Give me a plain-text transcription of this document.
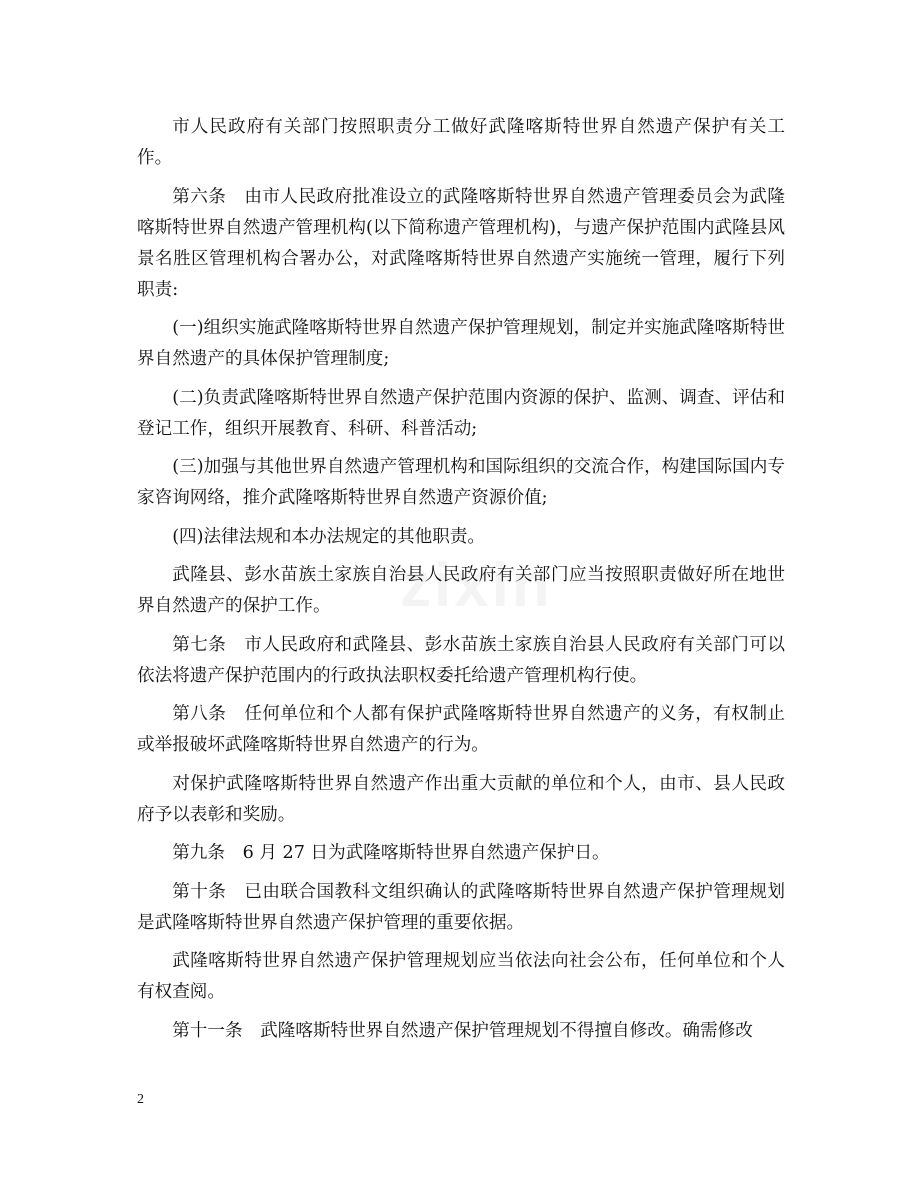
市人民政府有关部门按照职责分工做好武隆喀斯特世界自然遗产保护有关工作。

第六条 由市人民政府批准设立的武隆喀斯特世界自然遗产管理委员会为武隆喀斯特世界自然遗产管理机构(以下简称遗产管理机构)，与遗产保护范围内武隆县风景名胜区管理机构合署办公，对武隆喀斯特世界自然遗产实施统一管理，履行下列职责:

(一)组织实施武隆喀斯特世界自然遗产保护管理规划，制定并实施武隆喀斯特世界自然遗产的具体保护管理制度;

(二)负责武隆喀斯特世界自然遗产保护范围内资源的保护、监测、调查、评估和登记工作，组织开展教育、科研、科普活动;

(三)加强与其他世界自然遗产管理机构和国际组织的交流合作，构建国际国内专家咨询网络，推介武隆喀斯特世界自然遗产资源价值;

(四)法律法规和本办法规定的其他职责。

武隆县、彭水苗族土家族自治县人民政府有关部门应当按照职责做好所在地世界自然遗产的保护工作。

第七条 市人民政府和武隆县、彭水苗族土家族自治县人民政府有关部门可以依法将遗产保护范围内的行政执法职权委托给遗产管理机构行使。

第八条 任何单位和个人都有保护武隆喀斯特世界自然遗产的义务，有权制止或举报破坏武隆喀斯特世界自然遗产的行为。

对保护武隆喀斯特世界自然遗产作出重大贡献的单位和个人，由市、县人民政府予以表彰和奖励。

第九条 6 月 27 日为武隆喀斯特世界自然遗产保护日。

第十条 已由联合国教科文组织确认的武隆喀斯特世界自然遗产保护管理规划是武隆喀斯特世界自然遗产保护管理的重要依据。

武隆喀斯特世界自然遗产保护管理规划应当依法向社会公布，任何单位和个人有权查阅。

第十一条 武隆喀斯特世界自然遗产保护管理规划不得擅自修改。确需修改

2
